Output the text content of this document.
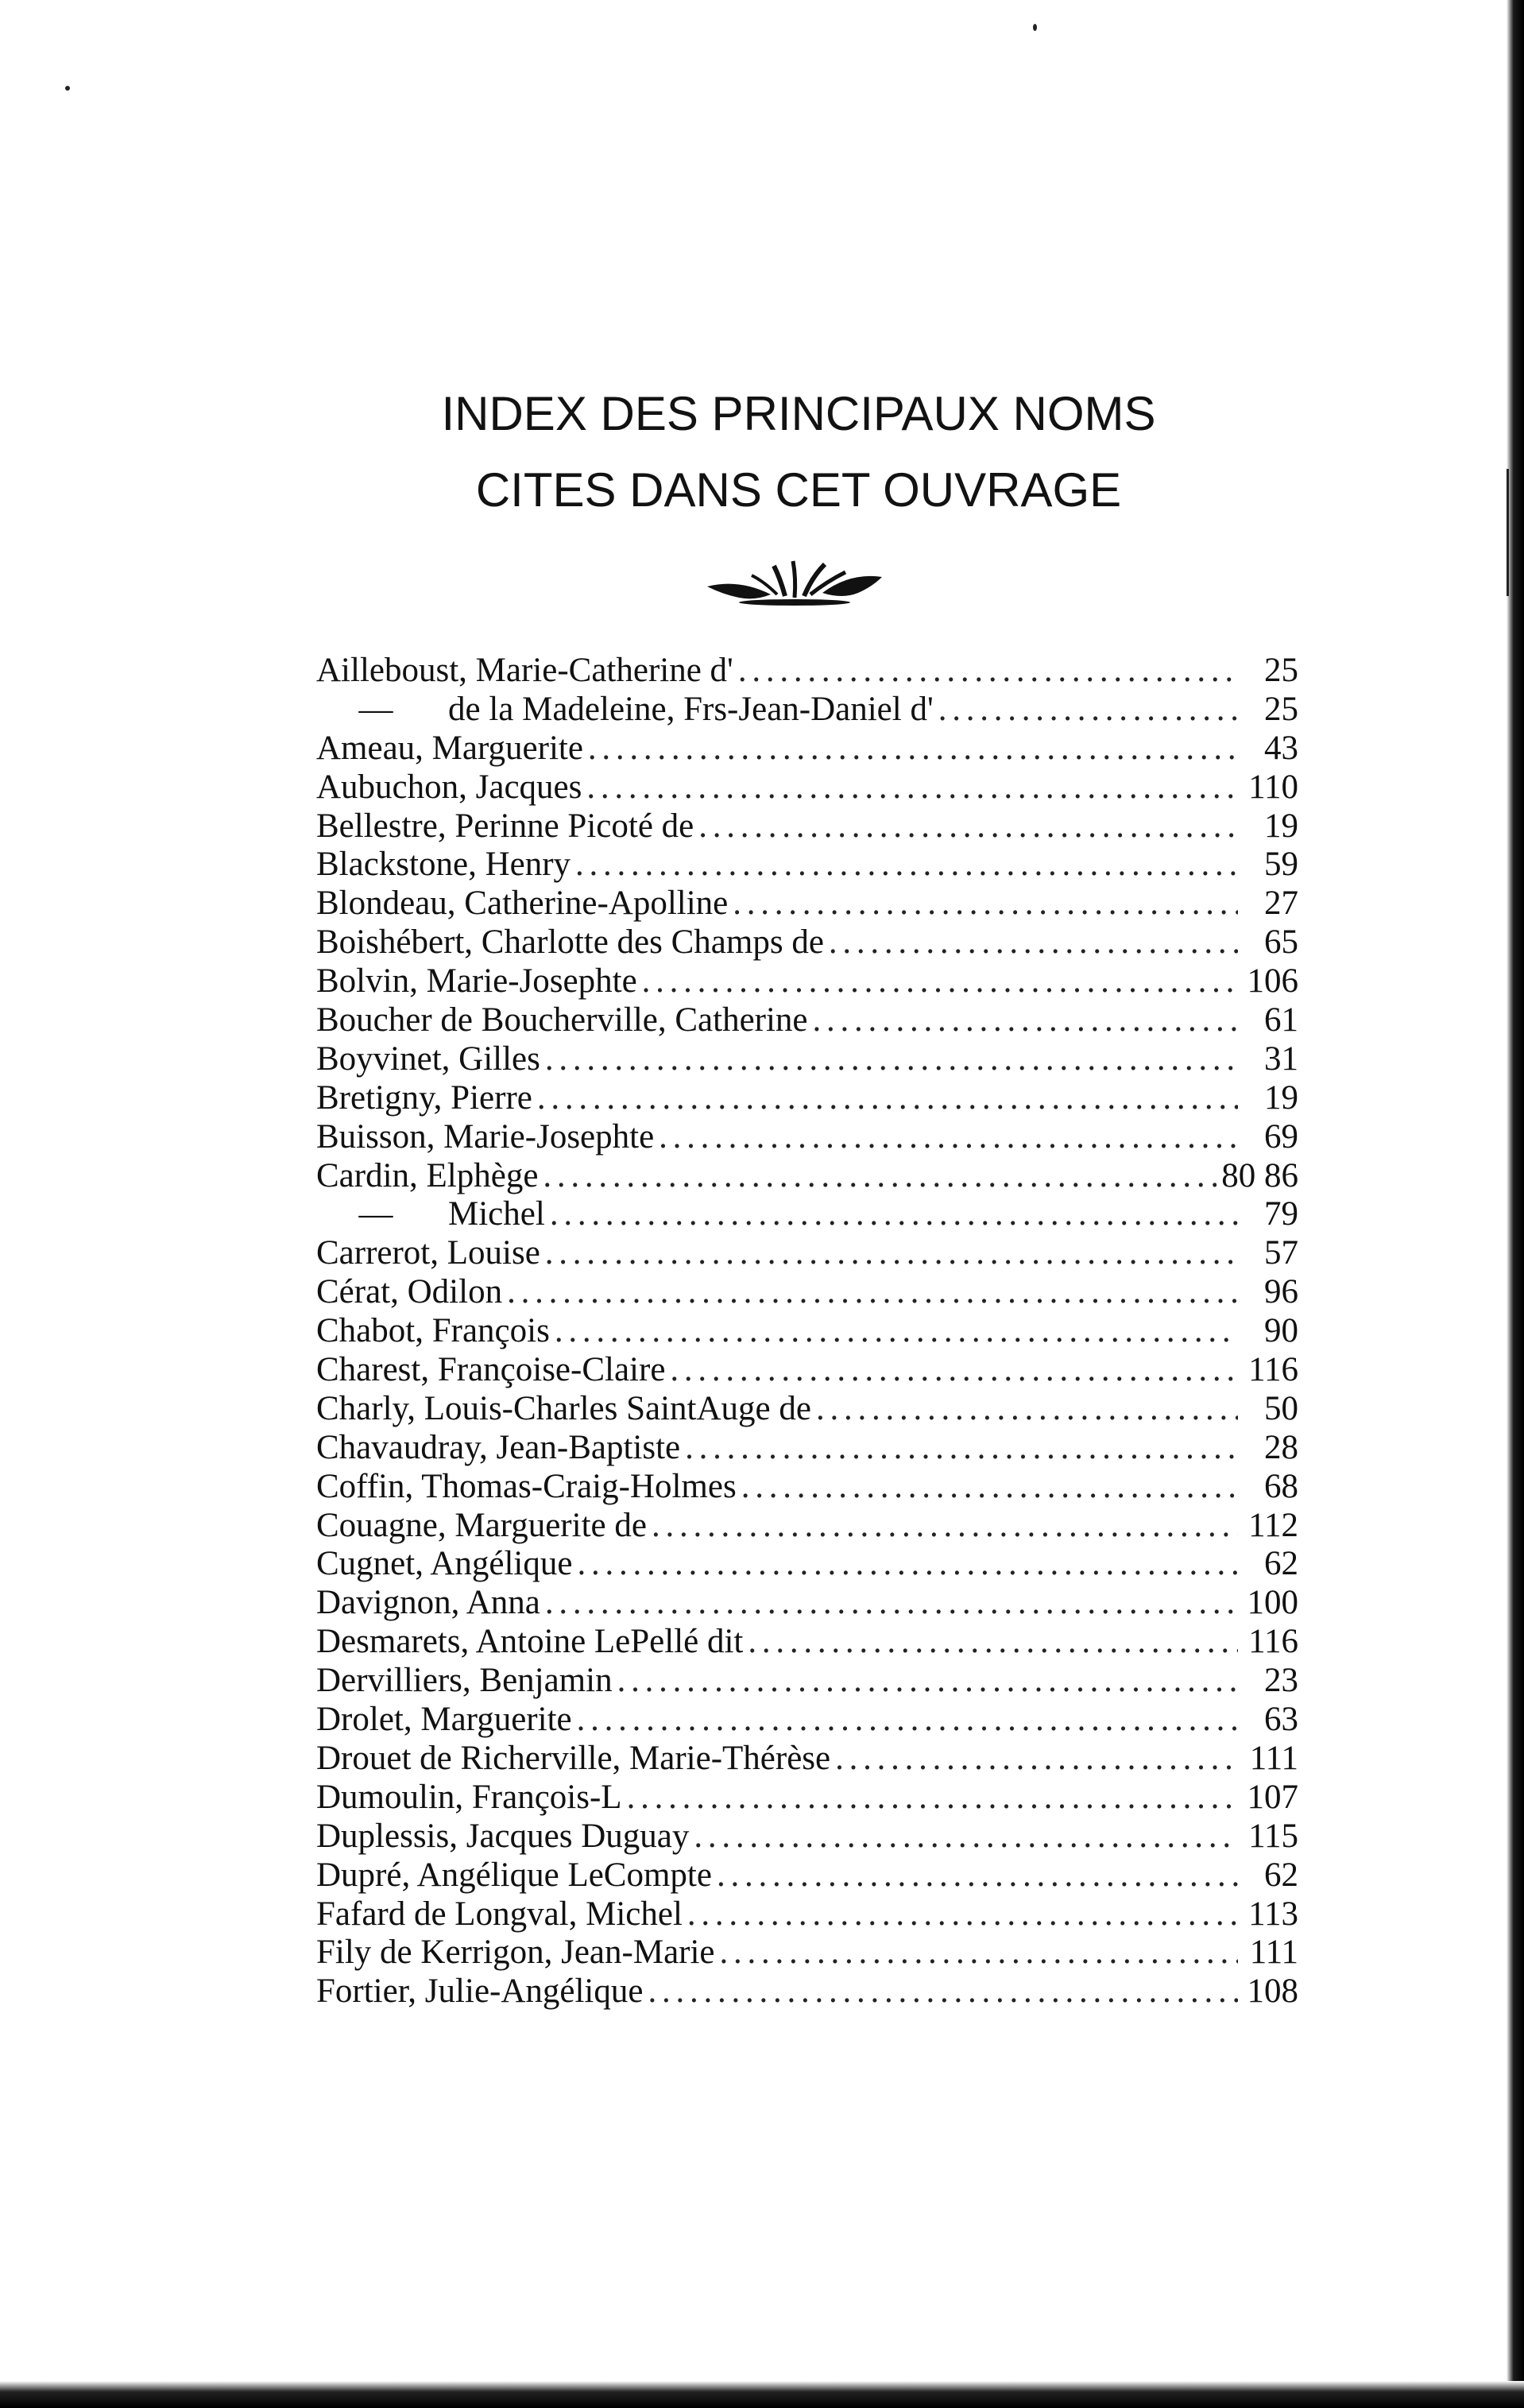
INDEX DES PRINCIPAUX NOMS
CITES DANS CET OUVRAGE
Ailleboust, Marie-Catherine d' . . .	25
—	de la Madeleine, Frs-Jean-Daniel d' . . .	25
Ameau, Marguerite . . .	43
Aubuchon, Jacques . . .	110
Bellestre, Perinne Picoté de . . .	19
Blackstone, Henry . . .	59
Blondeau, Catherine-Apolline . . .	27
Boishébert, Charlotte des Champs de . . .	65
Bolvin, Marie-Josephte . . .	106
Boucher de Boucherville, Catherine . . .	61
Boyvinet, Gilles . . .	31
Bretigny, Pierre . . .	19
Buisson, Marie-Josephte . . .	69
Cardin, Elphège . . .	80 86
—	Michel . . .	79
Carrerot, Louise . . .	57
Cérat, Odilon . . .	96
Chabot, François . . .	90
Charest, Françoise-Claire . . .	116
Charly, Louis-Charles SaintAuge de . . .	50
Chavaudray, Jean-Baptiste . . .	28
Coffin, Thomas-Craig-Holmes . . .	68
Couagne, Marguerite de . . .	112
Cugnet, Angélique . . .	62
Davignon, Anna . . .	100
Desmarets, Antoine LePellé dit . . .	116
Dervilliers, Benjamin . . .	23
Drolet, Marguerite . . .	63
Drouet de Richerville, Marie-Thérèse . . .	111
Dumoulin, François-L . . .	107
Duplessis, Jacques Duguay . . .	115
Dupré, Angélique LeCompte . . .	62
Fafard de Longval, Michel . . .	113
Fily de Kerrigon, Jean-Marie . . .	111
Fortier, Julie-Angélique . . .	108
